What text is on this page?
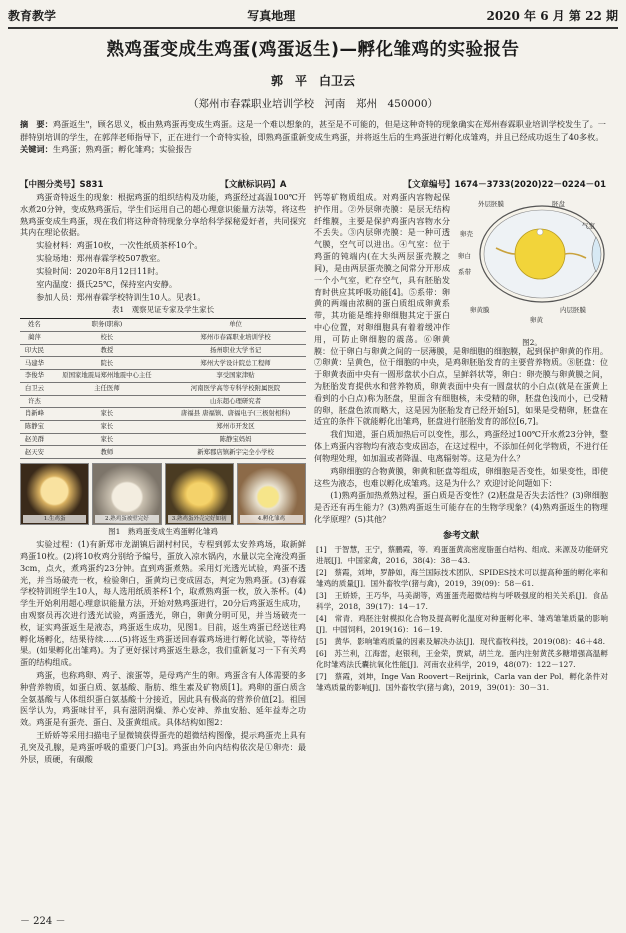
教育教学	写真地理	2020 年 6 月 第 22 期
熟鸡蛋变成生鸡蛋(鸡蛋返生)—孵化雏鸡的实验报告
郭　平　白卫云
（郑州市春霖职业培训学校　河南　郑州　450000）
摘　要：鸡蛋返生"，顾名思义，板由熟鸡蛋再变成生鸡蛋。这是一个难以想象的，甚至是不可能的，但是这种奇特的现象确实在郑州春霖职业培训学校发生了。一群特别培训的学生，在郭萍老师指导下，正在进行一个奇特实验，即熟鸡蛋重新变成生鸡蛋，并将返生后的生鸡蛋进行孵化成雏鸡，并且已经成功返生了40多枚。
关键词：生鸡蛋；熟鸡蛋；孵化雏鸡；实验报告
【中图分类号】S831	【文献标识码】A	【文章编号】1674－3733(2020)22－0224－01

鸡蛋奇特返生的现象：根据鸡蛋的组织结构及功能，鸡蛋经过高温100℃开水煮20分钟，变成熟鸡蛋后，学生们运用自己的超心理意识能量方法等，将这些熟鸡蛋变成生鸡蛋，现在我们将这种奇特现象分享给科学探秘爱好者，共同探究其内在理论依据。

实验材料：鸡蛋10枚，一次性纸质茶杯10个。

实验场地：郑州春霖学校507教室。

实验时间：2020年8月12日11时。

室内温度：摄氏25℃，保持室内安静。

参加人员：郑州春霖学校特训生10人。见表1。

表1　观察见证专家及学生家长

姓名	职务(职称)	单位
蔺萍	校长	郑州市春霖职业培训学校
印大民	教授	扬州职业大学书记
马建华	院长	郑州大学设计院总工程师
李俊华	原国家地震局郑州地震中心主任	享受国家津贴
白卫云	主任医师	河南医学高等专科学校附属医院
许杰		山东超心理研究者
肖新峰	家长	唐福县 唐福镇、唐福电子(三极射相科)
陈静宝	家长	郑州市开发区
赵美群	家长	陈静宝妈妈
赵天安	教师	新郑郡店镇新宇完全小学校
1.生鸡蛋	2.熟鸡蛋被壁完好	3.熟鸡蛋外壳完好如初	4.孵化雏鸡

图1　熟鸡蛋变成生鸡蛋孵化雏鸡

实验过程：(1)有新郑市龙湖镇后湖村村民，专程到郭太安养鸡场，取新鲜鸡蛋10枚。(2)将10枚鸡分别给予编号，蛋放入凉水锅内，水量以完全淹没鸡蛋3cm，点火，煮鸡蛋约23分钟。直到鸡蛋煮熟。采用灯光透光试验，鸡蛋不透光，并当场破壳一枚，检验卵白，蛋黄均已变成固态，判定为熟鸡蛋。(3)春霖学校特训班学生10人，每人选用纸质茶杯1个，取煮熟鸡蛋一枚，放入茶杯。(4)学生开始利用超心理意识能量方法，开始对熟鸡蛋进行，20分后鸡蛋返生成功，由观察员再次进行透光试验，鸡蛋透光，卵白，卵黄分明可见，并当场破壳一枚，证实鸡蛋返生是液态，鸡蛋返生成功，见图1。目前，返生鸡蛋已经送往鸡孵化场孵化，结果待续……(5)将返生鸡蛋送回春霖鸡场进行孵化试验，等待结果。(如果孵化出雏鸡)。为了更好探讨鸡蛋返生悬念，我们重新复习一下有关鸡蛋的结构组成。

鸡蛋，也称鸡卵、鸡子、滚蛋等，是母鸡产生的卵。鸡蛋含有人体需要的多种营养物质，如蛋白质、氨基酸、脂肪、维生素及矿物质[1]。鸡卵的蛋白质含全氨基酸与人体组织蛋白氨基酸十分接近，因此具有极高的营养价值[2]。祖国医学认为，鸡蛋味甘平，具有滋阴润燥、养心安神、养血安胎、延年益寿之功效。鸡蛋是有蛋壳、蛋白、及蛋黄组成。具体结构如图2：

王娇娇等采用扫描电子显微镜获得蛋壳的超微结构图像，提示鸡蛋壳上具有孔突及孔腺，是鸡蛋呼吸的重要门户[3]。鸡蛋由外向内结构依次是①卵壳：最外层，质硬，有碳酸

外层胚膜
卵壳
胚盘
卵白
系带
内层胚膜
卵黄膜
卵黄
气室
图2。

钙等矿物质组成。对鸡蛋内容物起保护作用。②外层卵壳膜：是层无结构纤维膜，主要是保护鸡蛋内容物水分不丢失。③内层卵壳膜：是一种可透气膜，空气可以进出。④气室：位于鸡蛋的钝端内(在大头两层蛋壳膜之间)，是由两层蛋壳膜之间常分开形成一个小气室，贮存空气，具有胚胎发育时供应其呼吸功能[4]。⑤系带：卵黄的两端由浓稠的蛋白质组成卵黄系带，其功能是维持卵细胞其定于蛋白中心位置，对卵细胞具有着着缓冲作用，可防止卵细胞的震荡。⑥卵黄膜：位于卵白与卵黄之间的一层薄膜，是卵细胞的细胞膜，起到保护卵黄的作用。⑦卵黄：呈黄色，位于细胞的中央，是鸡卵胚胎发育的主要营养物质。⑧胚盘：位于卵黄表面中央有一圆形盘状小白点，呈鲜斜状等，卵白：卵壳膜与卵黄膜之间，为胚胎发育提供水和营养物质，卵黄表面中央有一圆盘状的小白点(就是在蛋黄上看到的小白点)称为胚盘，里面含有细胞核，未受精的卵，胚盘色浅而小，已受精的卵，胚盘色浓而略大，这是因为胚胎发育已经开始[5]，如果是受精卵，胚盘在适宜的条件下就能孵化出雏鸡，胚盘进行胚胎发育的部位[6,7]。

我们知道，蛋白质加热后可以变性，那么，鸡蛋经过100℃开水煮23分钟，整体上鸡蛋内容物均有液态变成固态，在这过程中，不添加任何化学物质，不进行任何物理处理，如加温或者降温、电离辐射等。这是为什么？

鸡卵细胞的合物黄膜，卵黄和胚盘等组成，卵细胞是否变性，如果变性，即使这些为液态，也难以孵化成雏鸡。这是为什么？欢迎讨论问题如下：

(1)熟鸡蛋加热煮熟过程，蛋白质是否变性？(2)胚盘是否失去活性？(3)卵细胞是否还有再生能力？(3)熟鸡蛋返生可能存在的生物学现象？(4)熟鸡蛋返生的物理化学原理？(5)其他？

参考文献

[1]　于智慧，王宁，蔡鹏霞，等．鸡蛋蛋黄高密度脂蛋白结构、组成、来源及功能研究进展[J]．中国家禽，2016，38(4)：38－43.

[2]　蔡霞，刘坤，罗静如，海兰国际技术团队．SPIDES技术可以提高种蛋的孵化率和雏鸡的质量[J]．国外畜牧学(猪与禽)，2019，39(09)：58－61.

[3]　王娇娇，王巧华，马美湖等，鸡蛋蛋壳超微结构与呼吸强度的相关关系[J]．食品科学，2018，39(17)：14－17.

[4]　常青．鸡胚注射模拟化合物及提高孵化温度对种蛋孵化率、雏鸡雏雏质量的影响[J]．中国饲料，2019(16)：16－19.

[5]　黄华．影响雏鸡质量的因素及解决办法[J]．现代畜牧科技，2019(08)：46＋48.

[6]　苏兰利，江海雷，赵银利，王金荣，贾斌，胡兰龙．蛋内注射黄芪多糖增强高温孵化时雏鸡法氏囊抗氧化性能[J]．河南农业科学，2019，48(07)：122－127.

[7]　蔡霞，刘坤，Inge Van Roovert－Reijrink，Carla van der Pol．孵化条件对雏鸡质量的影响[J]．国外畜牧学(猪与禽)，2019，39(01)：30－31.

－ 224 －
